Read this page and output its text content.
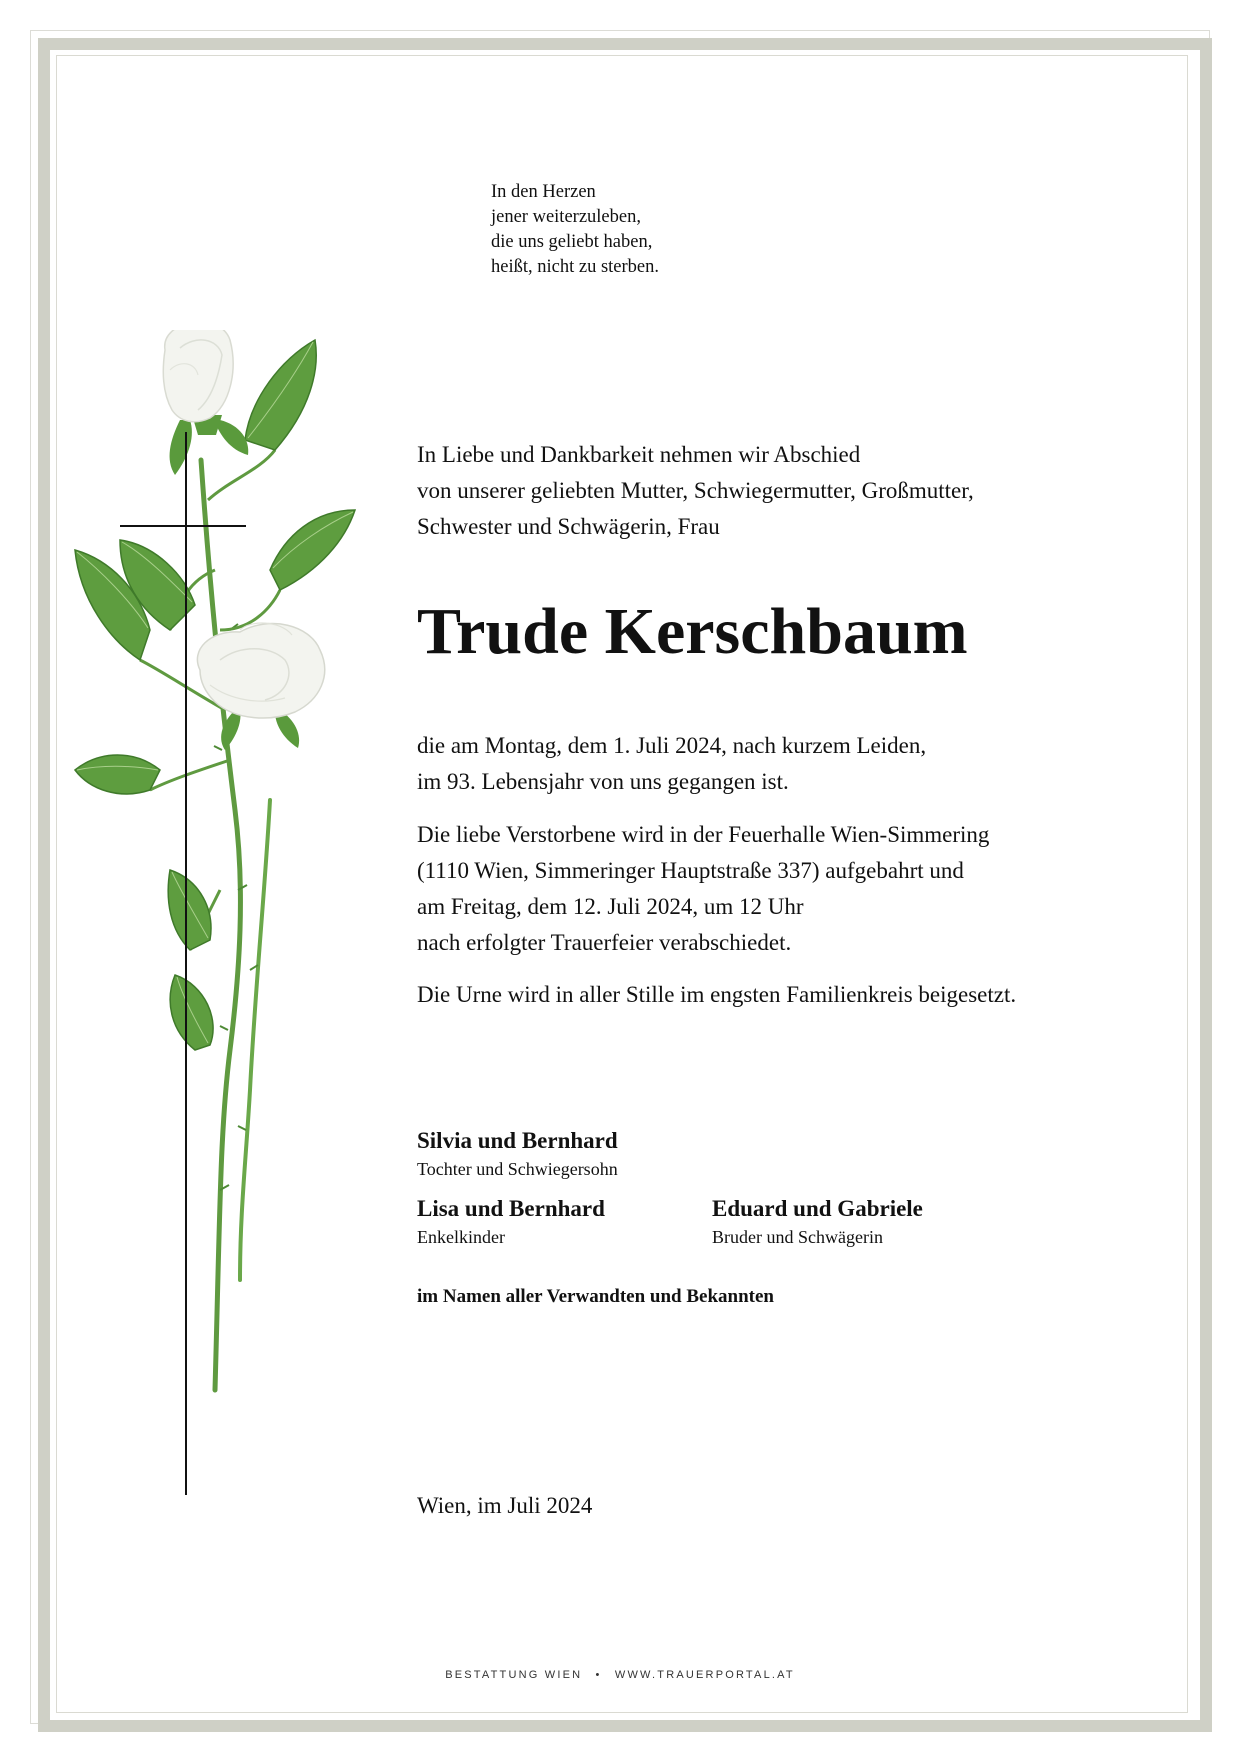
In den Herzen
jener weiterzuleben,
die uns geliebt haben,
heißt, nicht zu sterben.
In Liebe und Dankbarkeit nehmen wir Abschied
von unserer geliebten Mutter, Schwiegermutter, Großmutter,
Schwester und Schwägerin, Frau
Trude Kerschbaum
die am Montag, dem 1. Juli 2024, nach kurzem Leiden,
im 93. Lebensjahr von uns gegangen ist.
Die liebe Verstorbene wird in der Feuerhalle Wien-Simmering
(1110 Wien, Simmeringer Hauptstraße 337) aufgebahrt und
am Freitag, dem 12. Juli 2024, um 12 Uhr
nach erfolgter Trauerfeier verabschiedet.
Die Urne wird in aller Stille im engsten Familienkreis beigesetzt.
Silvia und Bernhard
Tochter und Schwiegersohn
Lisa und Bernhard
Enkelkinder
Eduard und Gabriele
Bruder und Schwägerin
im Namen aller Verwandten und Bekannten
Wien, im Juli 2024
BESTATTUNG WIEN • WWW.TRAUERPORTAL.AT
